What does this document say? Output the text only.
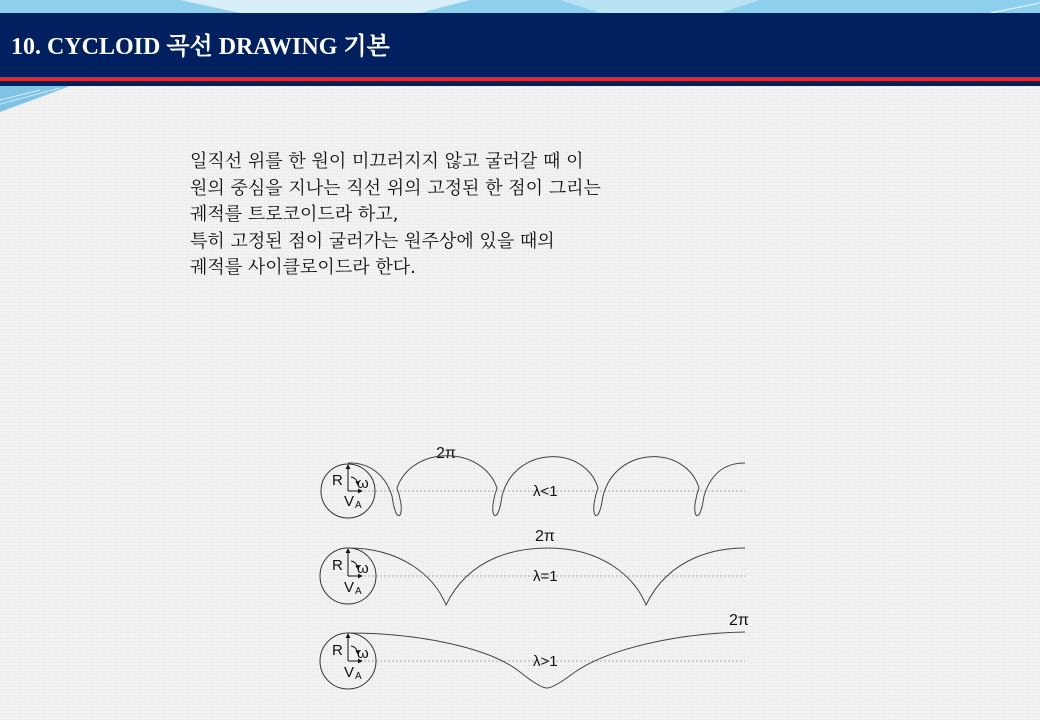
10. CYCLOID 곡선 DRAWING 기본
일직선 위를 한 원이 미끄러지지 않고 굴러갈 때 이
원의 중심을 지나는 직선 위의 고정된 한 점이 그리는
궤적를 트로코이드라 하고,
특히 고정된 점이 굴러가는 원주상에 있을 때의
궤적를 사이클로이드라 한다.
R ω
V A
2π
λ<1
R ω
V A
2π
λ=1
R ω
V A
2π
λ>1
